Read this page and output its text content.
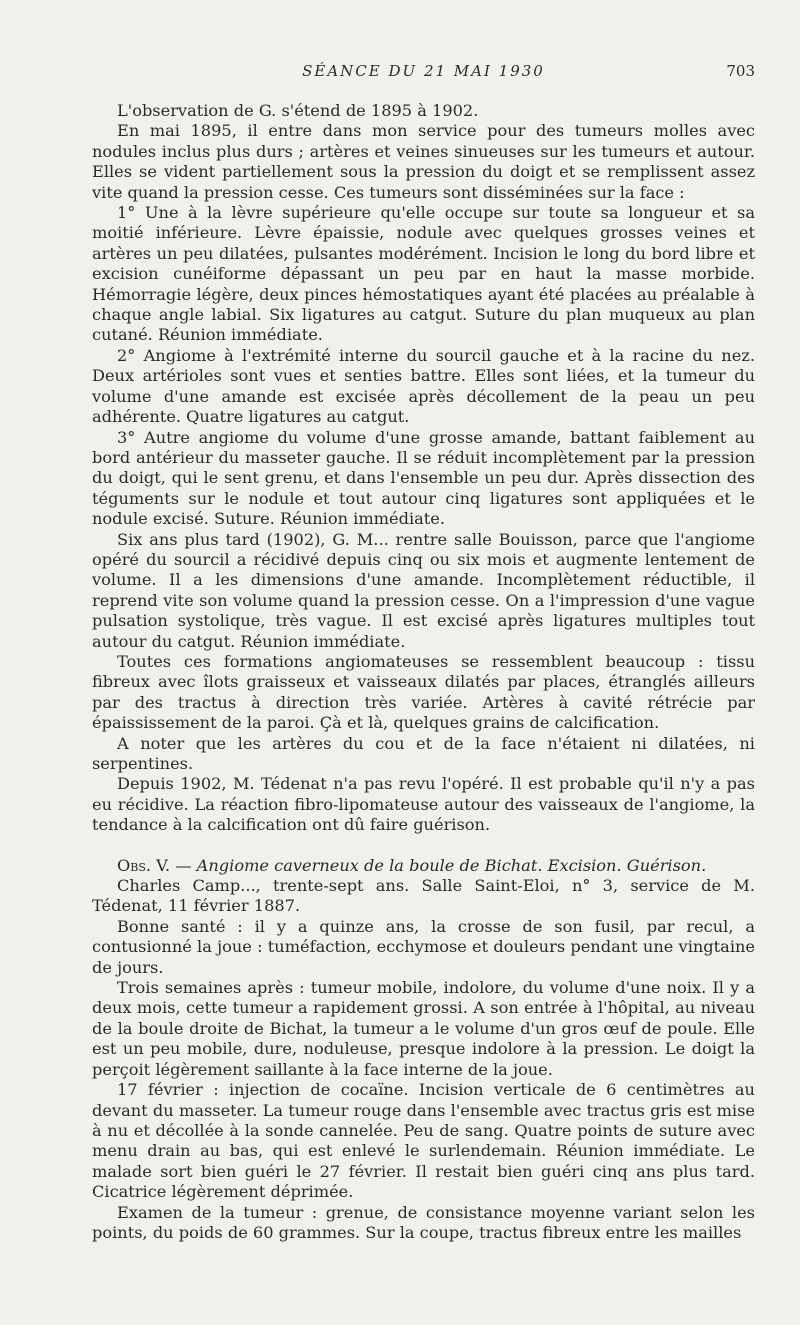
SÉANCE DU 21 MAI 1930	703

L'observation de G. s'étend de 1895 à 1902.

En mai 1895, il entre dans mon service pour des tumeurs molles avec nodules inclus plus durs ; artères et veines sinueuses sur les tumeurs et autour. Elles se vident partiellement sous la pression du doigt et se remplissent assez vite quand la pression cesse. Ces tumeurs sont disséminées sur la face :

1° Une à la lèvre supérieure qu'elle occupe sur toute sa longueur et sa moitié inférieure. Lèvre épaissie, nodule avec quelques grosses veines et artères un peu dilatées, pulsantes modérément. Incision le long du bord libre et excision cunéiforme dépassant un peu par en haut la masse morbide. Hémorragie légère, deux pinces hémostatiques ayant été placées au préalable à chaque angle labial. Six ligatures au catgut. Suture du plan muqueux au plan cutané. Réunion immédiate.

2° Angiome à l'extrémité interne du sourcil gauche et à la racine du nez. Deux artérioles sont vues et senties battre. Elles sont liées, et la tumeur du volume d'une amande est excisée après décollement de la peau un peu adhérente. Quatre ligatures au catgut.

3° Autre angiome du volume d'une grosse amande, battant faiblement au bord antérieur du masseter gauche. Il se réduit incomplètement par la pression du doigt, qui le sent grenu, et dans l'ensemble un peu dur. Après dissection des téguments sur le nodule et tout autour cinq ligatures sont appliquées et le nodule excisé. Suture. Réunion immédiate.

Six ans plus tard (1902), G. M... rentre salle Bouisson, parce que l'angiome opéré du sourcil a récidivé depuis cinq ou six mois et augmente lentement de volume. Il a les dimensions d'une amande. Incomplètement réductible, il reprend vite son volume quand la pression cesse. On a l'impression d'une vague pulsation systolique, très vague. Il est excisé après ligatures multiples tout autour du catgut. Réunion immédiate.

Toutes ces formations angiomateuses se ressemblent beaucoup : tissu fibreux avec îlots graisseux et vaisseaux dilatés par places, étranglés ailleurs par des tractus à direction très variée. Artères à cavité rétrécie par épaississement de la paroi. Çà et là, quelques grains de calcification.

A noter que les artères du cou et de la face n'étaient ni dilatées, ni serpentines.

Depuis 1902, M. Tédenat n'a pas revu l'opéré. Il est probable qu'il n'y a pas eu récidive. La réaction fibro-lipomateuse autour des vaisseaux de l'angiome, la tendance à la calcification ont dû faire guérison.

Obs. V. — Angiome caverneux de la boule de Bichat. Excision. Guérison.

Charles Camp..., trente-sept ans. Salle Saint-Eloi, n° 3, service de M. Tédenat, 11 février 1887.

Bonne santé : il y a quinze ans, la crosse de son fusil, par recul, a contusionné la joue : tuméfaction, ecchymose et douleurs pendant une vingtaine de jours.

Trois semaines après : tumeur mobile, indolore, du volume d'une noix. Il y a deux mois, cette tumeur a rapidement grossi. A son entrée à l'hôpital, au niveau de la boule droite de Bichat, la tumeur a le volume d'un gros œuf de poule. Elle est un peu mobile, dure, noduleuse, presque indolore à la pression. Le doigt la perçoit légèrement saillante à la face interne de la joue.

17 février : injection de cocaïne. Incision verticale de 6 centimètres au devant du masseter. La tumeur rouge dans l'ensemble avec tractus gris est mise à nu et décollée à la sonde cannelée. Peu de sang. Quatre points de suture avec menu drain au bas, qui est enlevé le surlendemain. Réunion immédiate. Le malade sort bien guéri le 27 février. Il restait bien guéri cinq ans plus tard. Cicatrice légèrement déprimée.

Examen de la tumeur : grenue, de consistance moyenne variant selon les points, du poids de 60 grammes. Sur la coupe, tractus fibreux entre les mailles
